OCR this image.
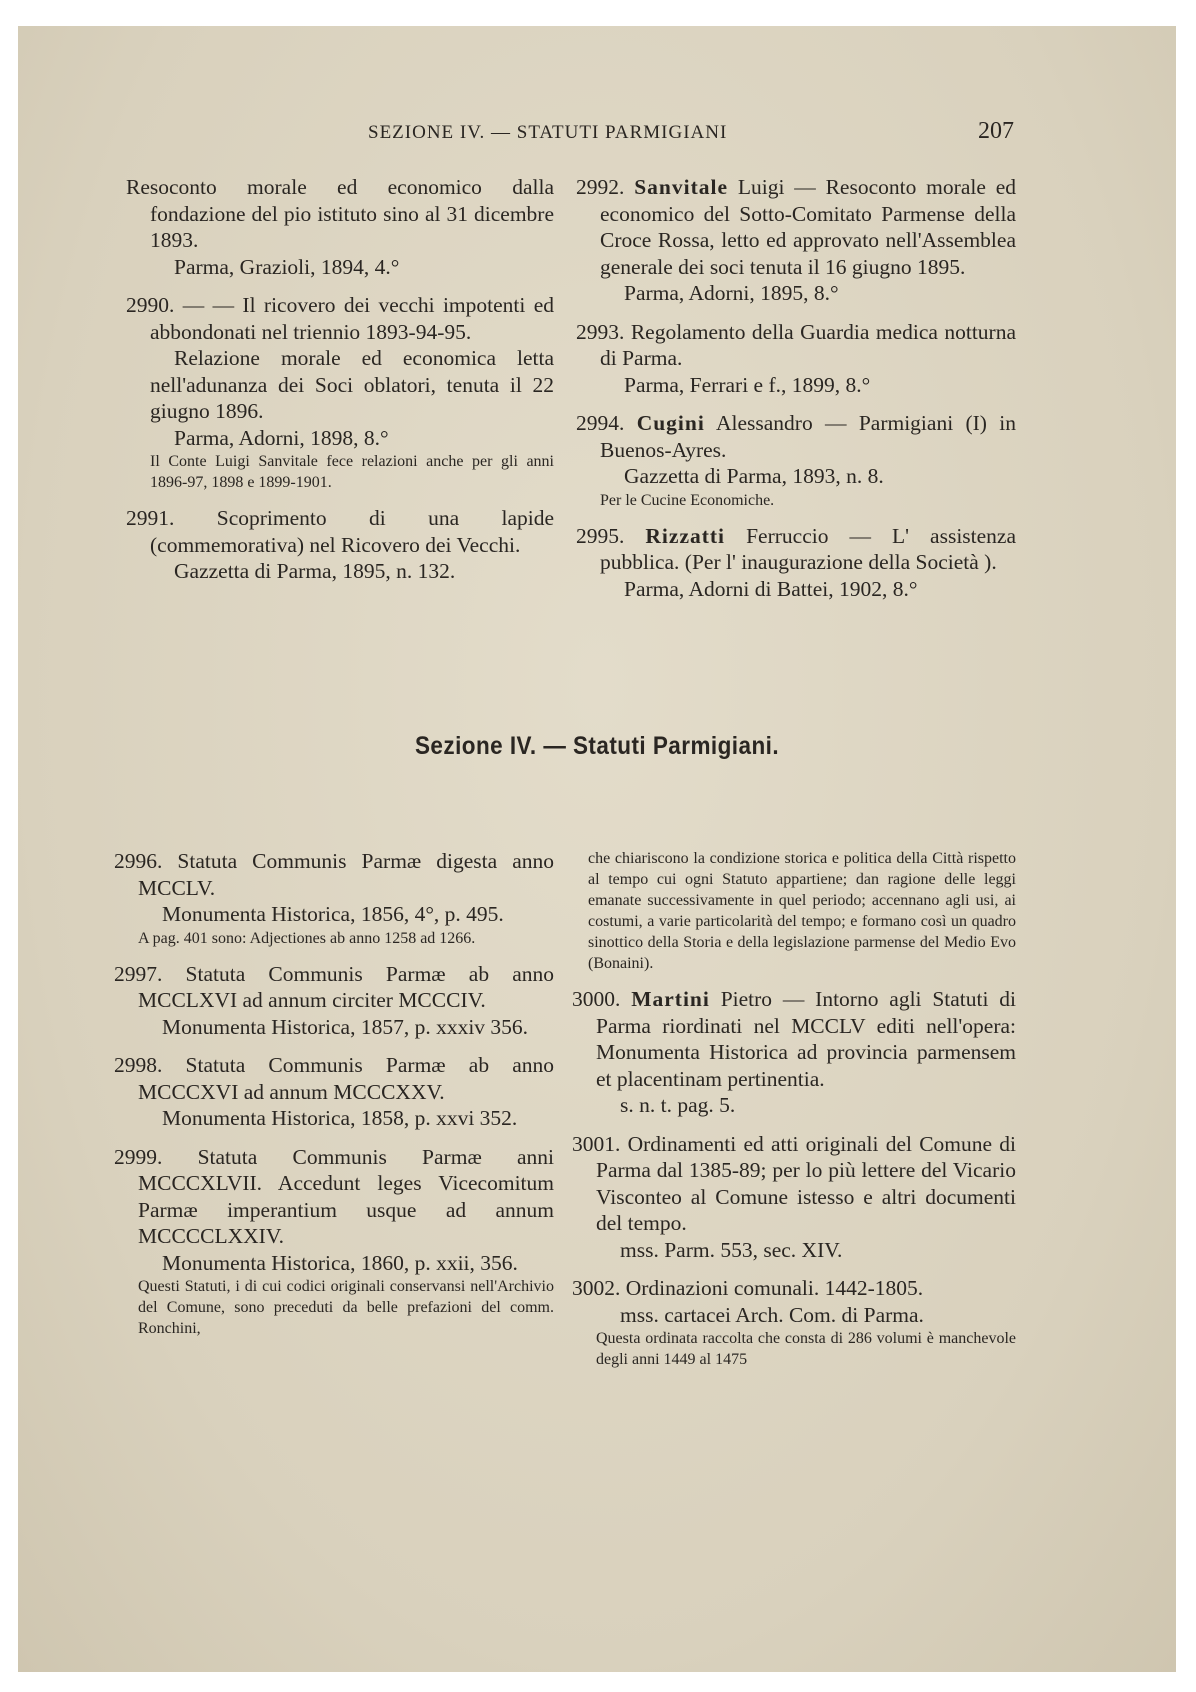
SEZIONE IV. — STATUTI PARMIGIANI	207

Resoconto morale ed economico dalla fondazione del pio istituto sino al 31 dicembre 1893.

Parma, Grazioli, 1894, 4.°

2990. — — Il ricovero dei vecchi impotenti ed abbondonati nel triennio 1893-94-95.

Relazione morale ed economica letta nell'adunanza dei Soci oblatori, tenuta il 22 giugno 1896.

Parma, Adorni, 1898, 8.°

Il Conte Luigi Sanvitale fece relazioni anche per gli anni 1896-97, 1898 e 1899-1901.

2991. Scoprimento di una lapide (commemorativa) nel Ricovero dei Vecchi.

Gazzetta di Parma, 1895, n. 132.

2992. Sanvitale Luigi — Resoconto morale ed economico del Sotto-Comitato Parmense della Croce Rossa, letto ed approvato nell'Assemblea generale dei soci tenuta il 16 giugno 1895.

Parma, Adorni, 1895, 8.°

2993. Regolamento della Guardia medica notturna di Parma.

Parma, Ferrari e f., 1899, 8.°

2994. Cugini Alessandro — Parmigiani (I) in Buenos-Ayres.

Gazzetta di Parma, 1893, n. 8.

Per le Cucine Economiche.

2995. Rizzatti Ferruccio — L' assistenza pubblica. (Per l' inaugurazione della Società ).

Parma, Adorni di Battei, 1902, 8.°

Sezione IV. — Statuti Parmigiani.

2996. Statuta Communis Parmæ digesta anno MCCLV.

Monumenta Historica, 1856, 4°, p. 495.

A pag. 401 sono: Adjectiones ab anno 1258 ad 1266.

2997. Statuta Communis Parmæ ab anno MCCLXVI ad annum circiter MCCCIV.

Monumenta Historica, 1857, p. xxxiv 356.

2998. Statuta Communis Parmæ ab anno MCCCXVI ad annum MCCCXXV.

Monumenta Historica, 1858, p. xxvi 352.

2999. Statuta Communis Parmæ anni MCCCXLVII. Accedunt leges Vicecomitum Parmæ imperantium usque ad annum MCCCCLXXIV.

Monumenta Historica, 1860, p. xxii, 356.

Questi Statuti, i di cui codici originali conservansi nell'Archivio del Comune, sono preceduti da belle prefazioni del comm. Ronchini,

che chiariscono la condizione storica e politica della Città rispetto al tempo cui ogni Statuto appartiene; dan ragione delle leggi emanate successivamente in quel periodo; accennano agli usi, ai costumi, a varie particolarità del tempo; e formano così un quadro sinottico della Storia e della legislazione parmense del Medio Evo (Bonaini).

3000. Martini Pietro — Intorno agli Statuti di Parma riordinati nel MCCLV editi nell'opera: Monumenta Historica ad provincia parmensem et placentinam pertinentia.

s. n. t. pag. 5.

3001. Ordinamenti ed atti originali del Comune di Parma dal 1385-89; per lo più lettere del Vicario Visconteo al Comune istesso e altri documenti del tempo.

mss. Parm. 553, sec. XIV.

3002. Ordinazioni comunali. 1442-1805.

mss. cartacei Arch. Com. di Parma.

Questa ordinata raccolta che consta di 286 volumi è manchevole degli anni 1449 al 1475
